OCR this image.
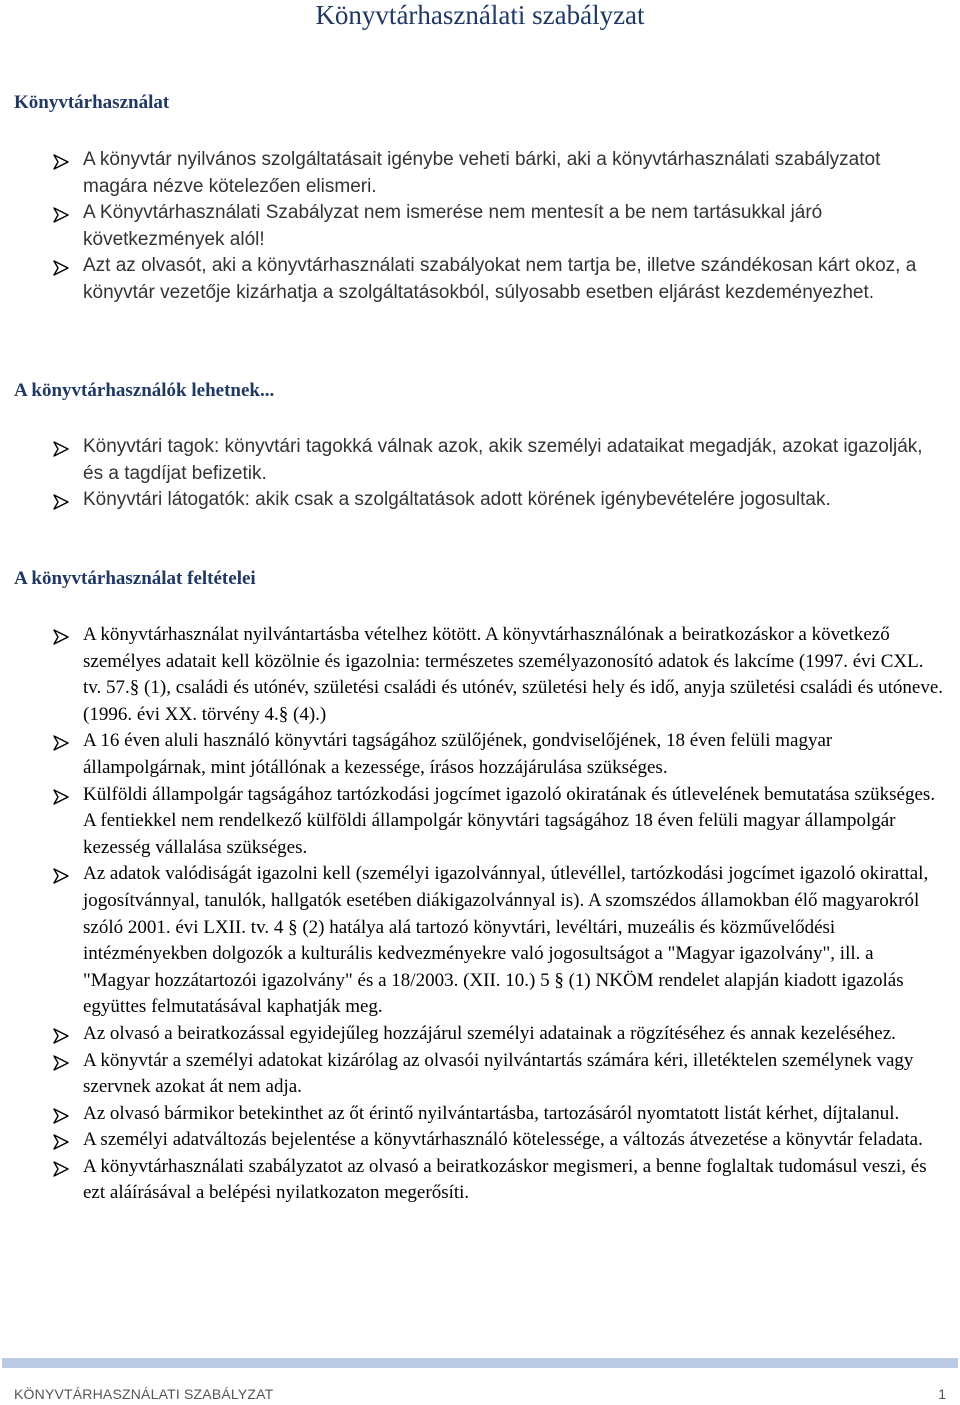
Könyvtárhasználati szabályzat
Könyvtárhasználat
A könyvtár nyilvános szolgáltatásait igénybe veheti bárki, aki a könyvtárhasználati szabályzatot magára nézve kötelezően elismeri.
A Könyvtárhasználati Szabályzat nem ismerése nem mentesít a be nem tartásukkal járó következmények alól!
Azt az olvasót, aki a könyvtárhasználati szabályokat nem tartja be, illetve szándékosan kárt okoz, a könyvtár vezetője kizárhatja a szolgáltatásokból, súlyosabb esetben eljárást kezdeményezhet.
A könyvtárhasználók lehetnek...
Könyvtári tagok: könyvtári tagokká válnak azok, akik személyi adataikat megadják, azokat igazolják, és a tagdíjat befizetik.
Könyvtári látogatók: akik csak a szolgáltatások adott körének igénybevételére jogosultak.
A könyvtárhasználat feltételei
A könyvtárhasználat nyilvántartásba vételhez kötött. A könyvtárhasználónak a beiratkozáskor a következő személyes adatait kell közölnie és igazolnia: természetes személyazonosító adatok és lakcíme (1997. évi CXL. tv. 57.§ (1), családi és utónév, születési családi és utónév, születési hely és idő, anyja születési családi és utóneve. (1996. évi XX. törvény 4.§ (4).)
A 16 éven aluli használó könyvtári tagságához szülőjének, gondviselőjének, 18 éven felüli magyar állampolgárnak, mint jótállónak a kezessége, írásos hozzájárulása szükséges.
Külföldi állampolgár tagságához tartózkodási jogcímet igazoló okiratának és útlevelének bemutatása szükséges. A fentiekkel nem rendelkező külföldi állampolgár könyvtári tagságához 18 éven felüli magyar állampolgár kezesség vállalása szükséges.
Az adatok valódiságát igazolni kell (személyi igazolvánnyal, útlevéllel, tartózkodási jogcímet igazoló okirattal, jogosítvánnyal, tanulók, hallgatók esetében diákigazolvánnyal is). A szomszédos államokban élő magyarokról szóló 2001. évi LXII. tv. 4 § (2) hatálya alá tartozó könyvtári, levéltári, muzeális és közművelődési intézményekben dolgozók a kulturális kedvezményekre való jogosultságot a "Magyar igazolvány", ill. a "Magyar hozzátartozói igazolvány" és a 18/2003. (XII. 10.) 5 § (1) NKÖM rendelet alapján kiadott igazolás együttes felmutatásával kaphatják meg.
Az olvasó a beiratkozással egyidejűleg hozzájárul személyi adatainak a rögzítéséhez és annak kezeléséhez.
A könyvtár a személyi adatokat kizárólag az olvasói nyilvántartás számára kéri, illetéktelen személynek vagy szervnek azokat át nem adja.
Az olvasó bármikor betekinthet az őt érintő nyilvántartásba, tartozásáról nyomtatott listát kérhet, díjtalanul.
A személyi adatváltozás bejelentése a könyvtárhasználó kötelessége, a változás átvezetése a könyvtár feladata.
A könyvtárhasználati szabályzatot az olvasó a beiratkozáskor megismeri, a benne foglaltak tudomásul veszi, és ezt aláírásával a belépési nyilatkozaton megerősíti.
KÖNYVTÁRHASZNÁLATI SZABÁLYZAT	1
